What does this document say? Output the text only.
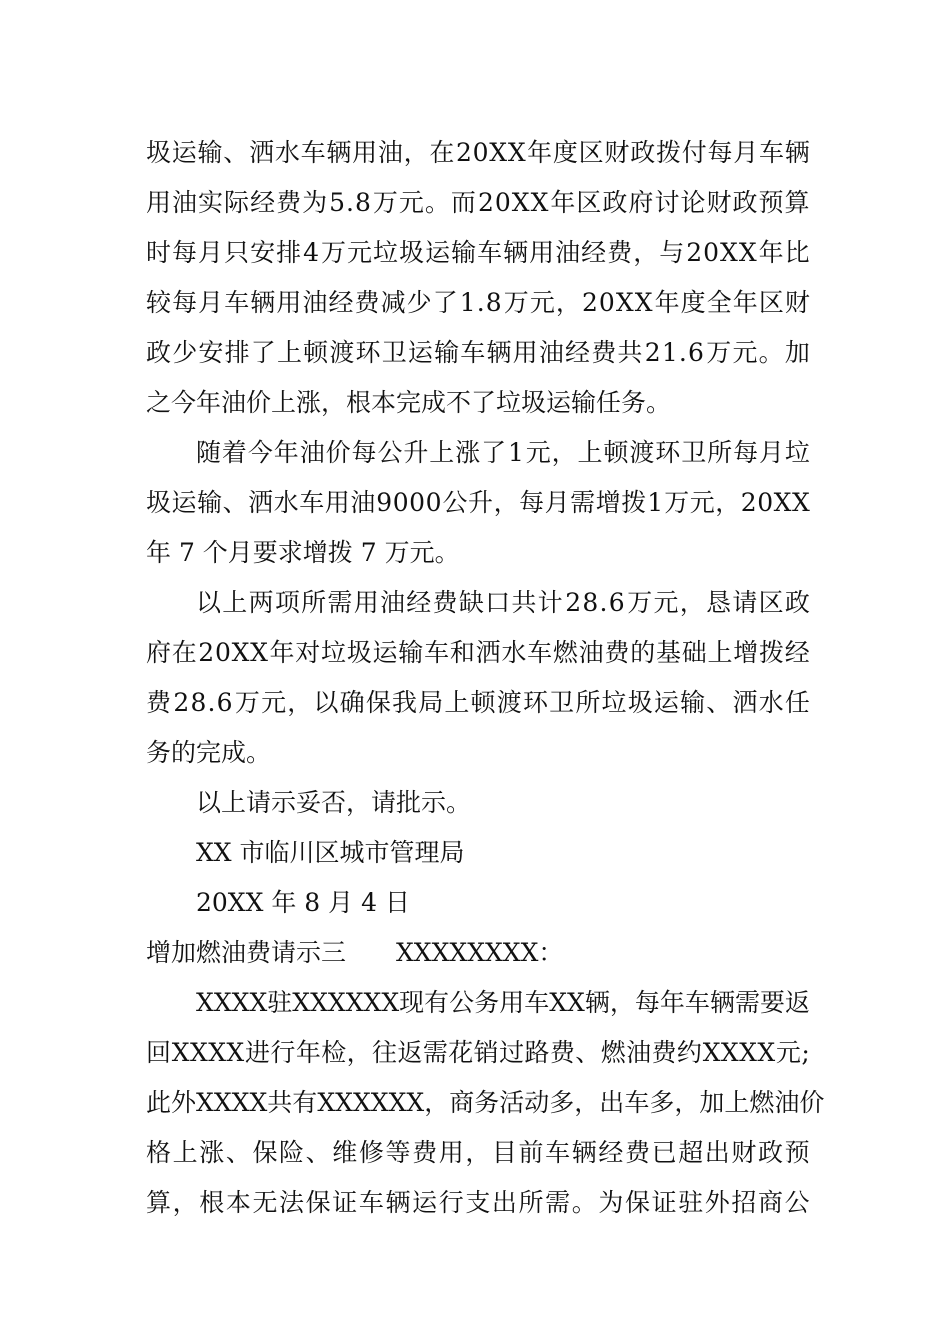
圾 运 输 、 洒 水 车 辆 用 油 ， 在 2 0 X X 年 度 区 财 政 拨 付 每 月 车 辆
用 油 实 际 经 费 为 5 . 8 万 元 。 而 2 0 X X 年 区 政 府 讨 论 财 政 预 算
时 每 月 只 安 排 4 万 元 垃 圾 运 输 车 辆 用 油 经 费 ， 与 2 0 X X 年 比
较 每 月 车 辆 用 油 经 费 减 少 了 1 . 8 万 元 ， 2 0 X X 年 度 全 年 区 财
政 少 安 排 了 上 顿 渡 环 卫 运 输 车 辆 用 油 经 费 共 2 1 . 6 万 元 。 加
之今年油价上涨，根本完成不了垃圾运输任务。
随 着 今 年 油 价 每 公 升 上 涨 了 1 元 ， 上 顿 渡 环 卫 所 每 月 垃
圾 运 输 、 洒 水 车 用 油 9 0 0 0 公 升 ， 每 月 需 增 拨 1 万 元 ， 2 0 X X
年 7 个月要求增拨 7 万元。
以 上 两 项 所 需 用 油 经 费 缺 口 共 计 2 8 . 6 万 元 ， 恳 请 区 政
府 在 2 0 X X 年 对 垃 圾 运 输 车 和 洒 水 车 燃 油 费 的 基 础 上 增 拨 经
费 2 8 . 6 万 元 ， 以 确 保 我 局 上 顿 渡 环 卫 所 垃 圾 运 输 、 洒 水 任
务的完成。
以上请示妥否，请批示。
XX 市临川区城市管理局
20XX 年 8 月 4 日
增加燃油费请示三　　XXXXXXXX：
X X X X 驻 X X X X X X 现 有 公 务 用 车 X X 辆 ， 每 年 车 辆 需 要 返
回 X X X X 进 行 年 检 ， 往 返 需 花 销 过 路 费 、 燃 油 费 约 X X X X 元 ;
此 外 X X X X 共 有 X X X X X X ， 商 务 活 动 多 ， 出 车 多 ， 加 上 燃 油 价
格 上 涨 、 保 险 、 维 修 等 费 用 ， 目 前 车 辆 经 费 已 超 出 财 政 预
算 ， 根 本 无 法 保 证 车 辆 运 行 支 出 所 需 。 为 保 证 驻 外 招 商 公
